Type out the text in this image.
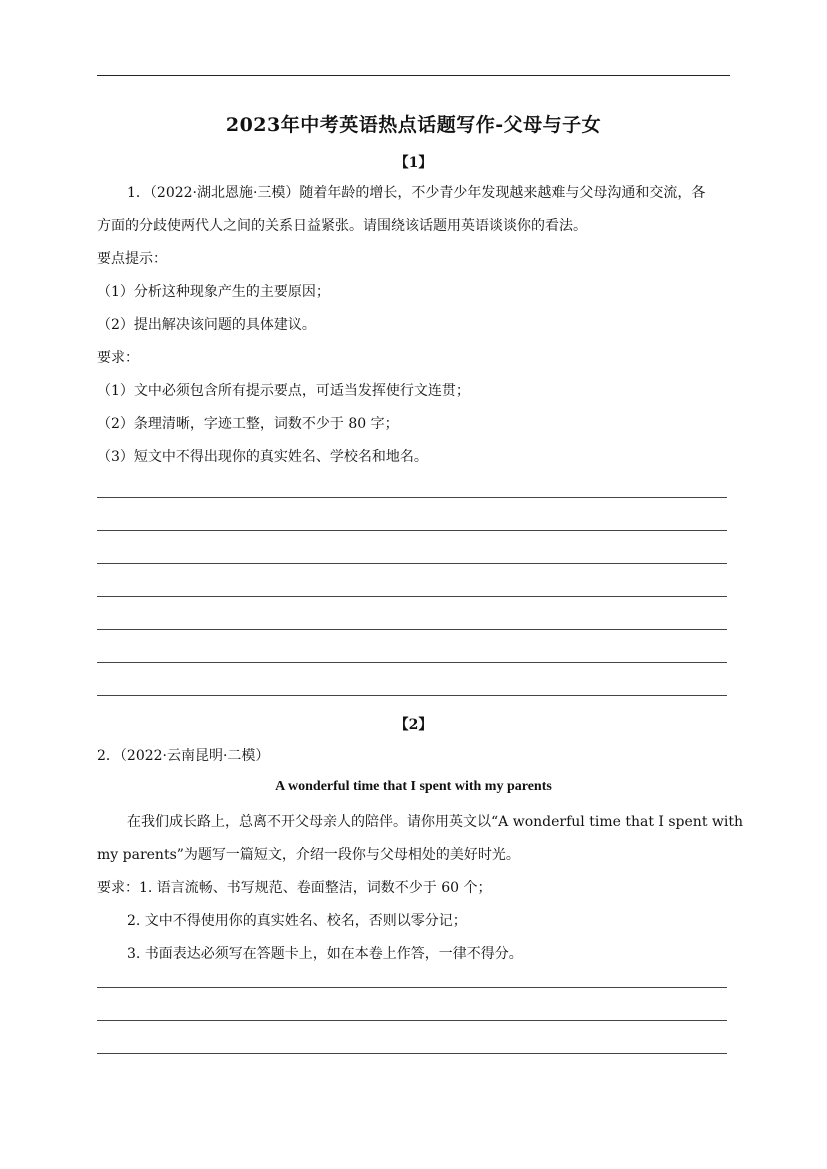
2023年中考英语热点话题写作-父母与子女
【1】
1．（2022·湖北恩施·三模）随着年龄的增长，不少青少年发现越来越难与父母沟通和交流，各
方面的分歧使两代人之间的关系日益紧张。请围绕该话题用英语谈谈你的看法。
要点提示：
（1）分析这种现象产生的主要原因；
（2）提出解决该问题的具体建议。
要求：
（1）文中必须包含所有提示要点，可适当发挥使行文连贯；
（2）条理清晰，字迹工整，词数不少于 80 字；
（3）短文中不得出现你的真实姓名、学校名和地名。
【2】
2．（2022·云南昆明·二模）
A wonderful time that I spent with my parents
在我们成长路上，总离不开父母亲人的陪伴。请你用英文以“A wonderful time that I spent with
my parents”为题写一篇短文，介绍一段你与父母相处的美好时光。
要求：1. 语言流畅、书写规范、卷面整洁，词数不少于 60 个；
2. 文中不得使用你的真实姓名、校名，否则以零分记；
3. 书面表达必须写在答题卡上，如在本卷上作答，一律不得分。
